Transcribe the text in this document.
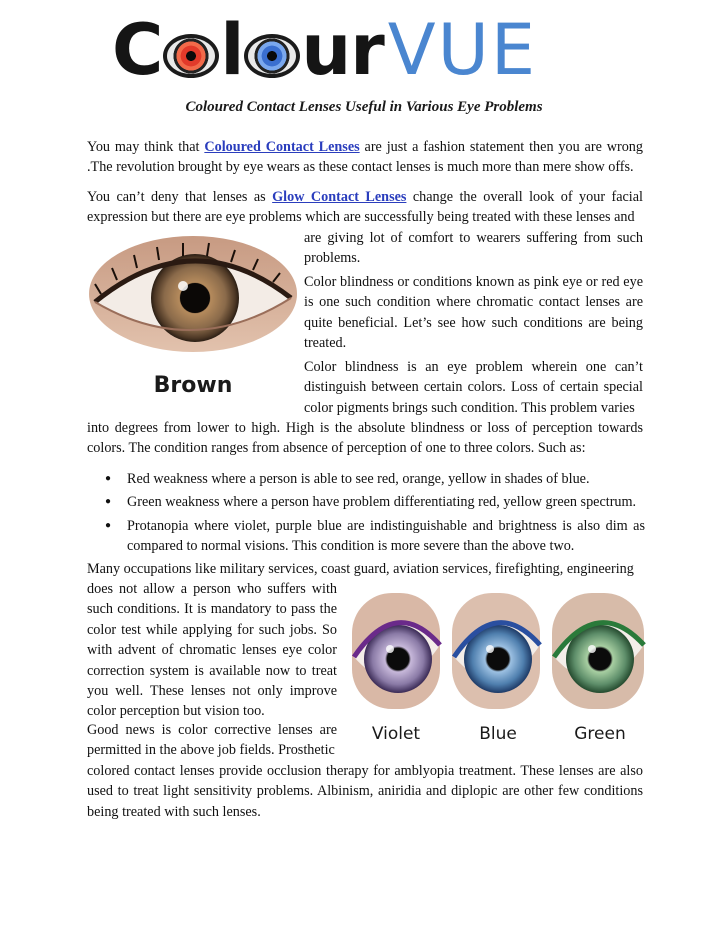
C l ur VUE
Coloured Contact Lenses Useful in Various Eye Problems
You may think that Coloured Contact Lenses are just a fashion statement then you are wrong .The revolution brought by eye wears as these contact lenses is much more than mere show offs.
You can’t deny that lenses as Glow Contact Lenses change the overall look of your facial expression but there are eye problems which are successfully being treated with these lenses and
are giving lot of comfort to wearers suffering from such problems.
Brown
Color blindness or conditions known as pink eye or red eye is one such condition where chromatic contact lenses are quite beneficial. Let’s see how such conditions are being treated.
Color blindness is an eye problem wherein one can’t distinguish between certain colors. Loss of certain special color pigments brings such condition. This problem varies
into degrees from lower to high. High is the absolute blindness or loss of perception towards colors. The condition ranges from absence of perception of one to three colors. Such as:
●
Red weakness where a person is able to see red, orange, yellow in shades of blue.
●
Green weakness where a person have problem differentiating red, yellow green spectrum.
●
Protanopia where violet, purple blue are indistinguishable and brightness is also dim as compared to normal visions. This condition is more severe than the above two.
Many occupations like military services, coast guard, aviation services, firefighting, engineering
does not allow a person who suffers with such conditions. It is mandatory to pass the color test while applying for such jobs. So with advent of chromatic lenses eye color correction system is available now to treat you well. These lenses not only improve color perception but vision too.
Violet	Blue	Green
Good news is color corrective lenses are permitted in the above job fields. Prosthetic
colored contact lenses provide occlusion therapy for amblyopia treatment. These lenses are also used to treat light sensitivity problems. Albinism, aniridia and diplopic are other few conditions being treated with such lenses.
